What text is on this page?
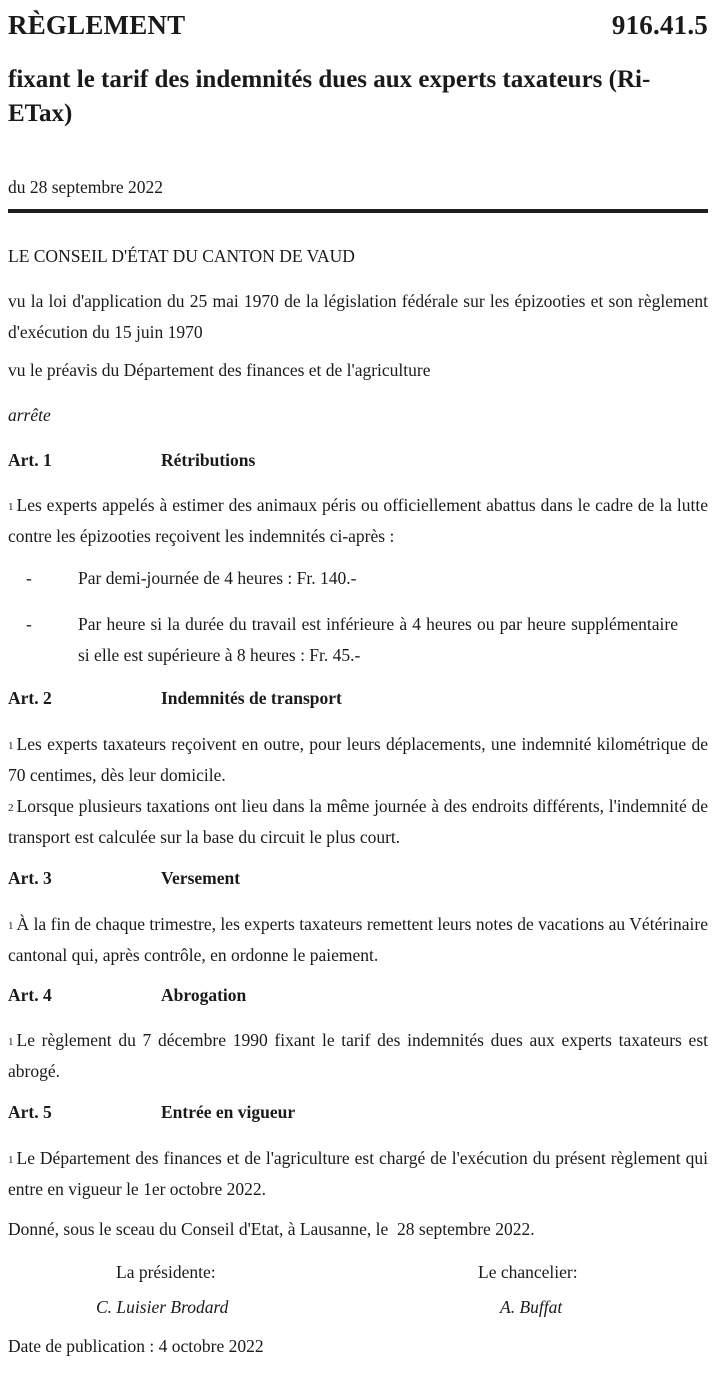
RÈGLEMENT	916.41.5
fixant le tarif des indemnités dues aux experts taxateurs (Ri-ETax)
du 28 septembre 2022
LE CONSEIL D'ÉTAT DU CANTON DE VAUD
vu la loi d'application du 25 mai 1970 de la législation fédérale sur les épizooties et son règlement d'exécution du 15 juin 1970
vu le préavis du Département des finances et de l'agriculture
arrête
Art. 1	Rétributions
$^1$ Les experts appelés à estimer des animaux péris ou officiellement abattus dans le cadre de la lutte contre les épizooties reçoivent les indemnités ci-après :
-	Par demi-journée de 4 heures : Fr. 140.-
-	Par heure si la durée du travail est inférieure à 4 heures ou par heure supplémentaire si elle est supérieure à 8 heures : Fr. 45.-
Art. 2	Indemnités de transport
$^1$ Les experts taxateurs reçoivent en outre, pour leurs déplacements, une indemnité kilométrique de 70 centimes, dès leur domicile.
$^2$ Lorsque plusieurs taxations ont lieu dans la même journée à des endroits différents, l'indemnité de transport est calculée sur la base du circuit le plus court.
Art. 3	Versement
$^1$ À la fin de chaque trimestre, les experts taxateurs remettent leurs notes de vacations au Vétérinaire cantonal qui, après contrôle, en ordonne le paiement.
Art. 4	Abrogation
$^1$ Le règlement du 7 décembre 1990 fixant le tarif des indemnités dues aux experts taxateurs est abrogé.
Art. 5	Entrée en vigueur
$^1$ Le Département des finances et de l'agriculture est chargé de l'exécution du présent règlement qui entre en vigueur le 1er octobre 2022.
Donné, sous le sceau du Conseil d'Etat, à Lausanne, le  28 septembre 2022.
La présidente:	Le chancelier:
C. Luisier Brodard	A. Buffat
Date de publication : 4 octobre 2022
